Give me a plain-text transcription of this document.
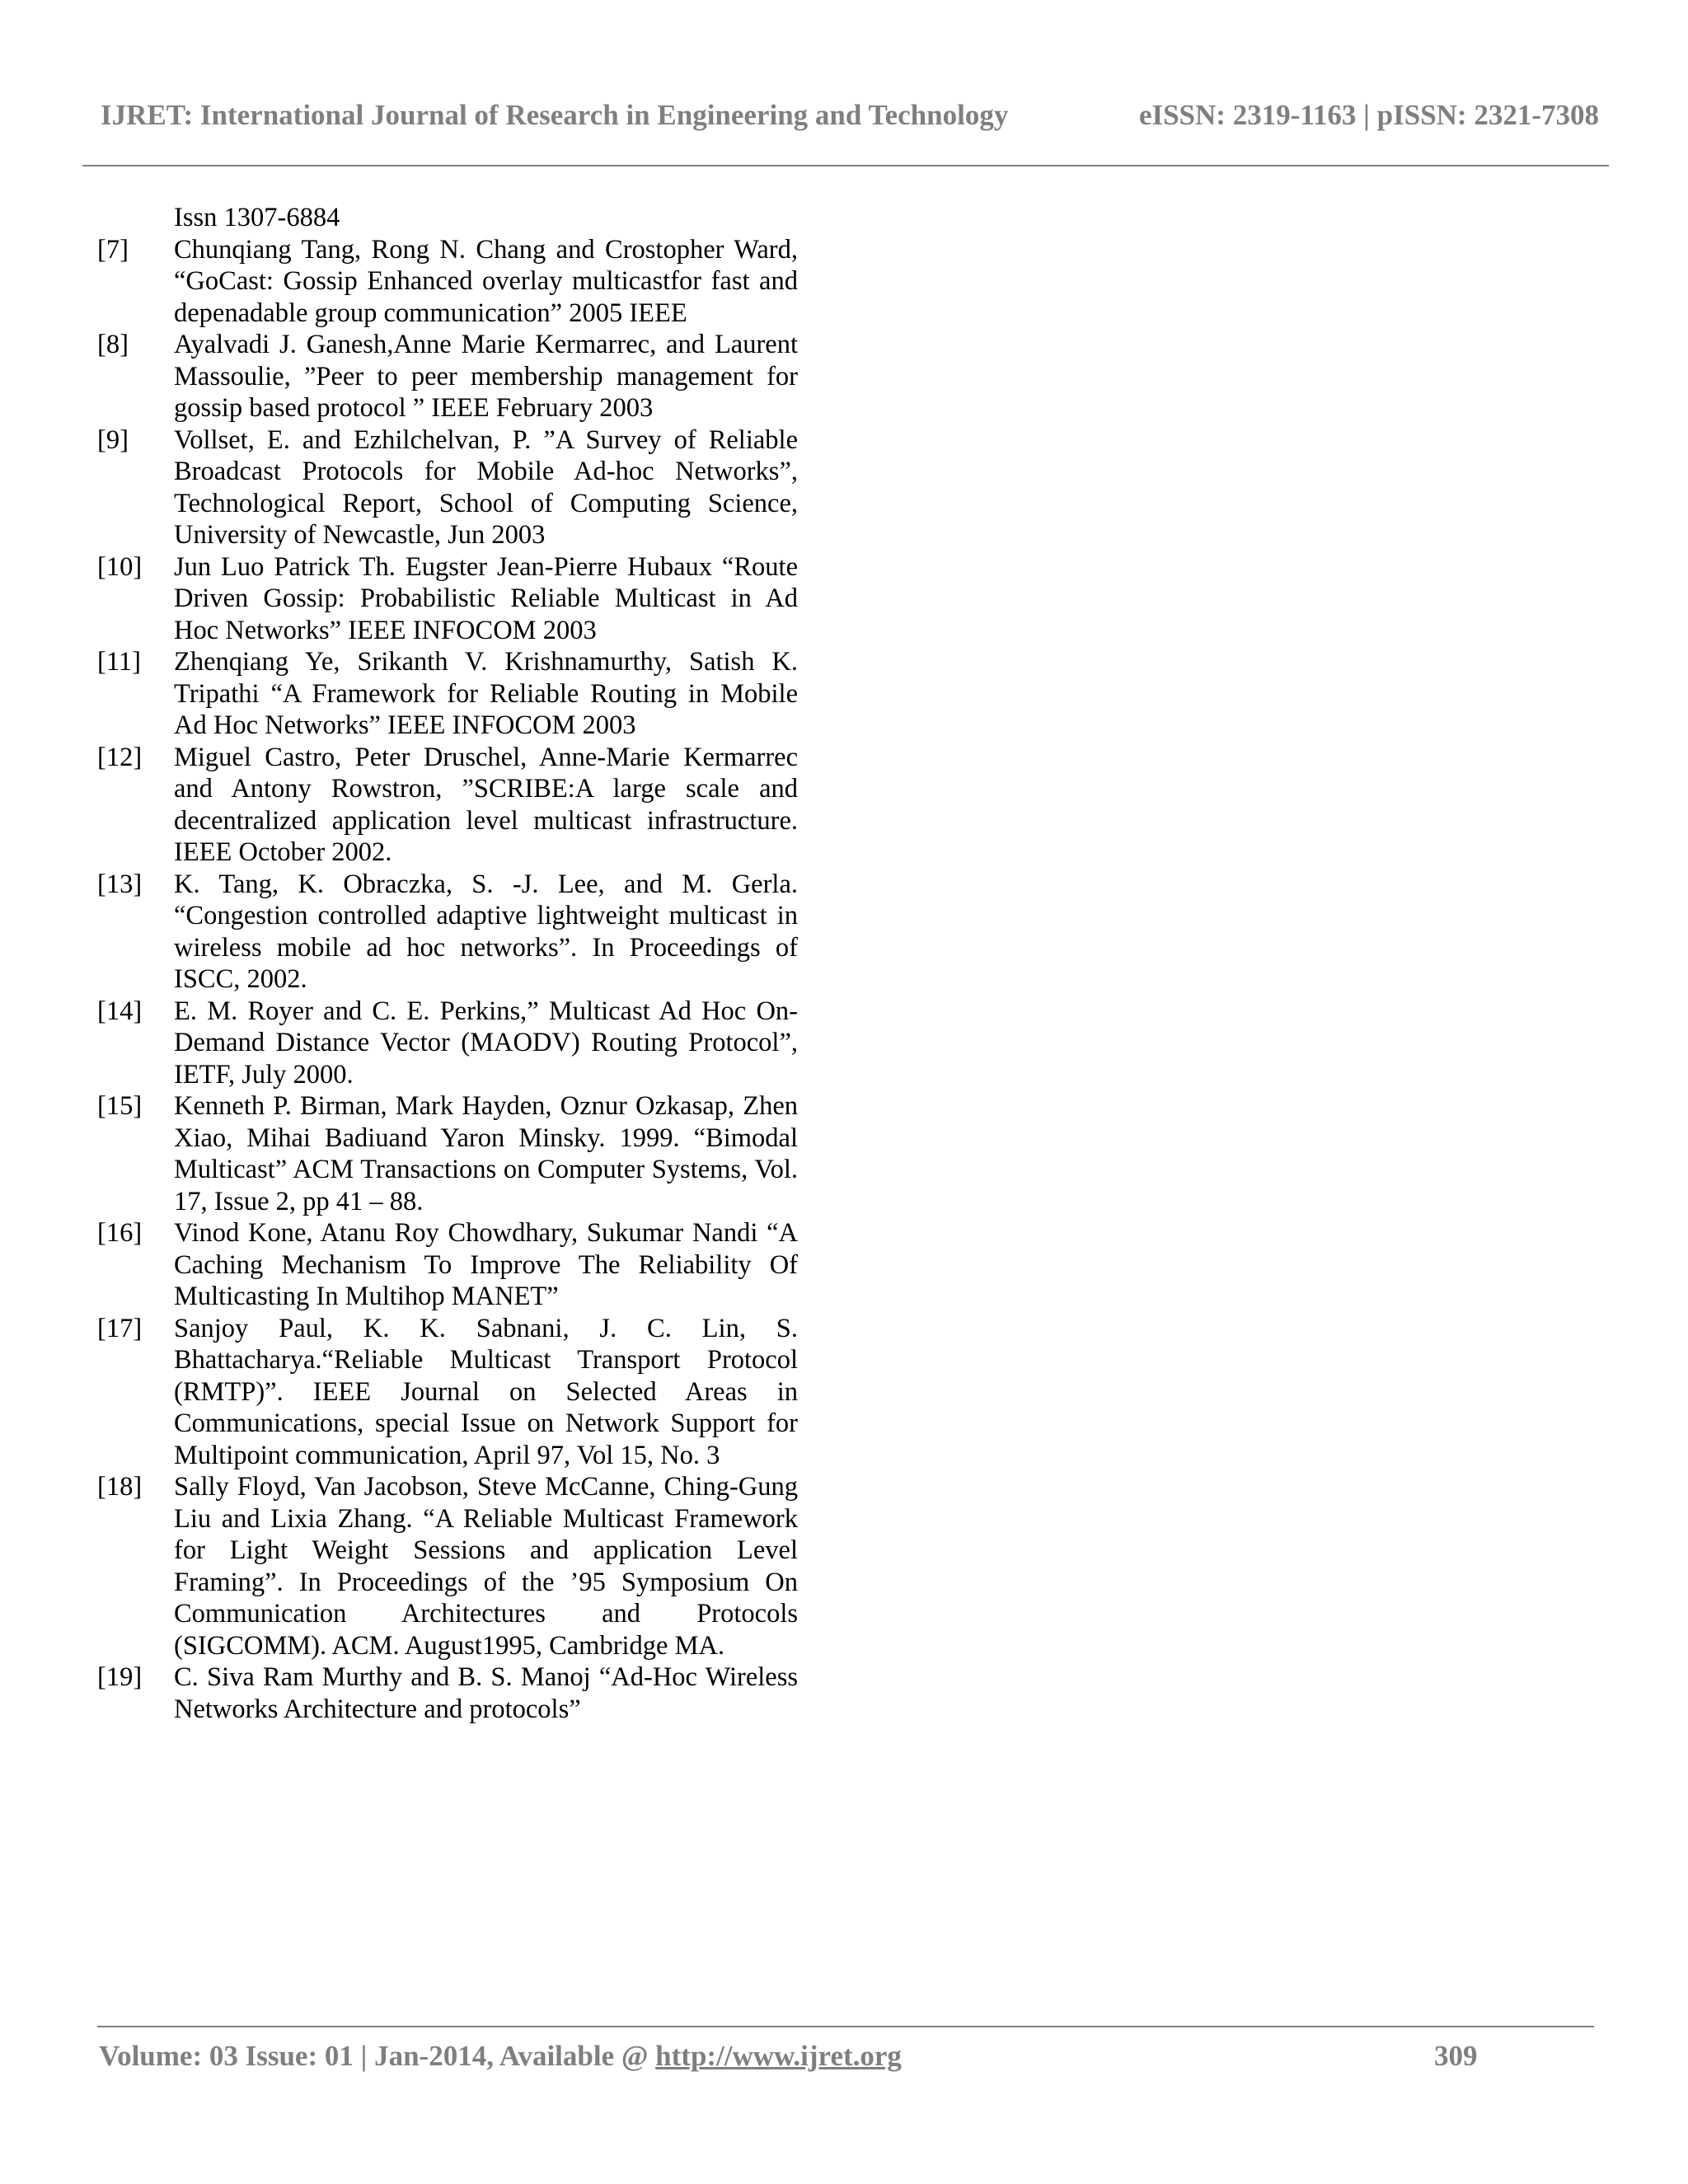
IJRET: International Journal of Research in Engineering and Technology	eISSN: 2319-1163 | pISSN: 2321-7308
Issn 1307-6884
[7]	Chunqiang Tang, Rong N. Chang and Crostopher Ward, “GoCast: Gossip Enhanced overlay multicastfor fast and depenadable group communication” 2005 IEEE
[8]	Ayalvadi J. Ganesh,Anne Marie Kermarrec, and Laurent Massoulie, ”Peer to peer membership management for gossip based protocol ” IEEE February 2003
[9]	Vollset, E. and Ezhilchelvan, P. ”A Survey of Reliable Broadcast Protocols for Mobile Ad-hoc Networks”, Technological Report, School of Computing Science, University of Newcastle, Jun 2003
[10]	Jun Luo Patrick Th. Eugster Jean-Pierre Hubaux “Route Driven Gossip: Probabilistic Reliable Multicast in Ad Hoc Networks” IEEE INFOCOM 2003
[11]	Zhenqiang Ye, Srikanth V. Krishnamurthy, Satish K. Tripathi “A Framework for Reliable Routing in Mobile Ad Hoc Networks” IEEE INFOCOM 2003
[12]	Miguel Castro, Peter Druschel, Anne-Marie Kermarrec and Antony Rowstron, ”SCRIBE:A large scale and decentralized application level multicast infrastructure. IEEE October 2002.
[13]	K. Tang, K. Obraczka, S. -J. Lee, and M. Gerla. “Congestion controlled adaptive lightweight multicast in wireless mobile ad hoc networks”. In Proceedings of ISCC, 2002.
[14]	E. M. Royer and C. E. Perkins,” Multicast Ad Hoc On-Demand Distance Vector (MAODV) Routing Protocol”, IETF, July 2000.
[15]	Kenneth P. Birman, Mark Hayden, Oznur Ozkasap, Zhen Xiao, Mihai Badiuand Yaron Minsky. 1999. “Bimodal Multicast” ACM Transactions on Computer Systems, Vol. 17, Issue 2, pp 41 – 88.
[16]	Vinod Kone, Atanu Roy Chowdhary, Sukumar Nandi “A Caching Mechanism To Improve The Reliability Of Multicasting In Multihop MANET”
[17]	Sanjoy Paul, K. K. Sabnani, J. C. Lin, S. Bhattacharya.“Reliable Multicast Transport Protocol (RMTP)”. IEEE Journal on Selected Areas in Communications, special Issue on Network Support for Multipoint communication, April 97, Vol 15, No. 3
[18]	Sally Floyd, Van Jacobson, Steve McCanne, Ching-Gung Liu and Lixia Zhang. “A Reliable Multicast Framework for Light Weight Sessions and application Level Framing”. In Proceedings of the ’95 Symposium On Communication Architectures and Protocols (SIGCOMM). ACM. August1995, Cambridge MA.
[19]	C. Siva Ram Murthy and B. S. Manoj “Ad-Hoc Wireless Networks Architecture and protocols”
Volume: 03 Issue: 01 | Jan-2014, Available @ http://www.ijret.org	309
